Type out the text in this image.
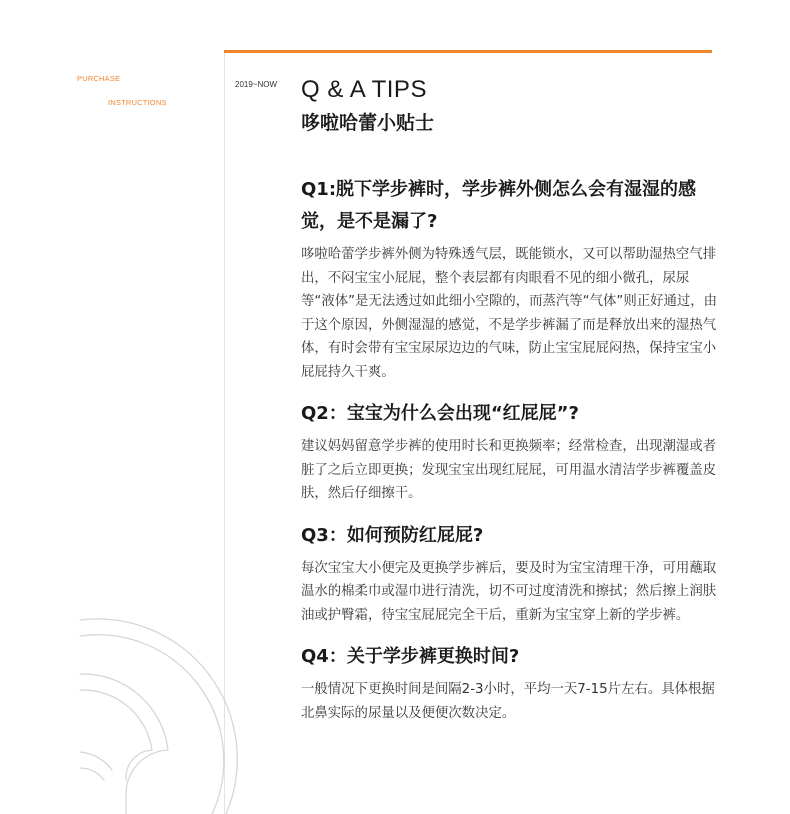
PURCHASE
INSTRUCTIONS
2019~NOW Q & A TIPS
哆啦哈蕾小贴士
Q1:脱下学步裤时，学步裤外侧怎么会有湿湿的感觉，是不是漏了?

哆啦哈蕾学步裤外侧为特殊透气层，既能锁水，又可以帮助湿热空气排出，不闷宝宝小屁屁，整个表层都有肉眼看不见的细小微孔，尿尿等“液体”是无法透过如此细小空隙的，而蒸汽等“气体”则正好通过，由于这个原因，外侧湿湿的感觉，不是学步裤漏了而是释放出来的湿热气体，有时会带有宝宝尿尿边边的气味，防止宝宝屁屁闷热，保持宝宝小屁屁持久干爽。

Q2：宝宝为什么会出现“红屁屁”?

建议妈妈留意学步裤的使用时长和更换频率；经常检查，出现潮湿或者脏了之后立即更换；发现宝宝出现红屁屁，可用温水清洁学步裤覆盖皮肤，然后仔细擦干。

Q3：如何预防红屁屁?

每次宝宝大小便完及更换学步裤后，要及时为宝宝清理干净，可用蘸取温水的棉柔巾或湿巾进行清洗，切不可过度清洗和擦拭；然后擦上润肤油或护臀霜，待宝宝屁屁完全干后，重新为宝宝穿上新的学步裤。

Q4：关于学步裤更换时间?

一般情况下更换时间是间隔2-3小时，平均一天7-15片左右。具体根据北鼻实际的尿量以及便便次数决定。
